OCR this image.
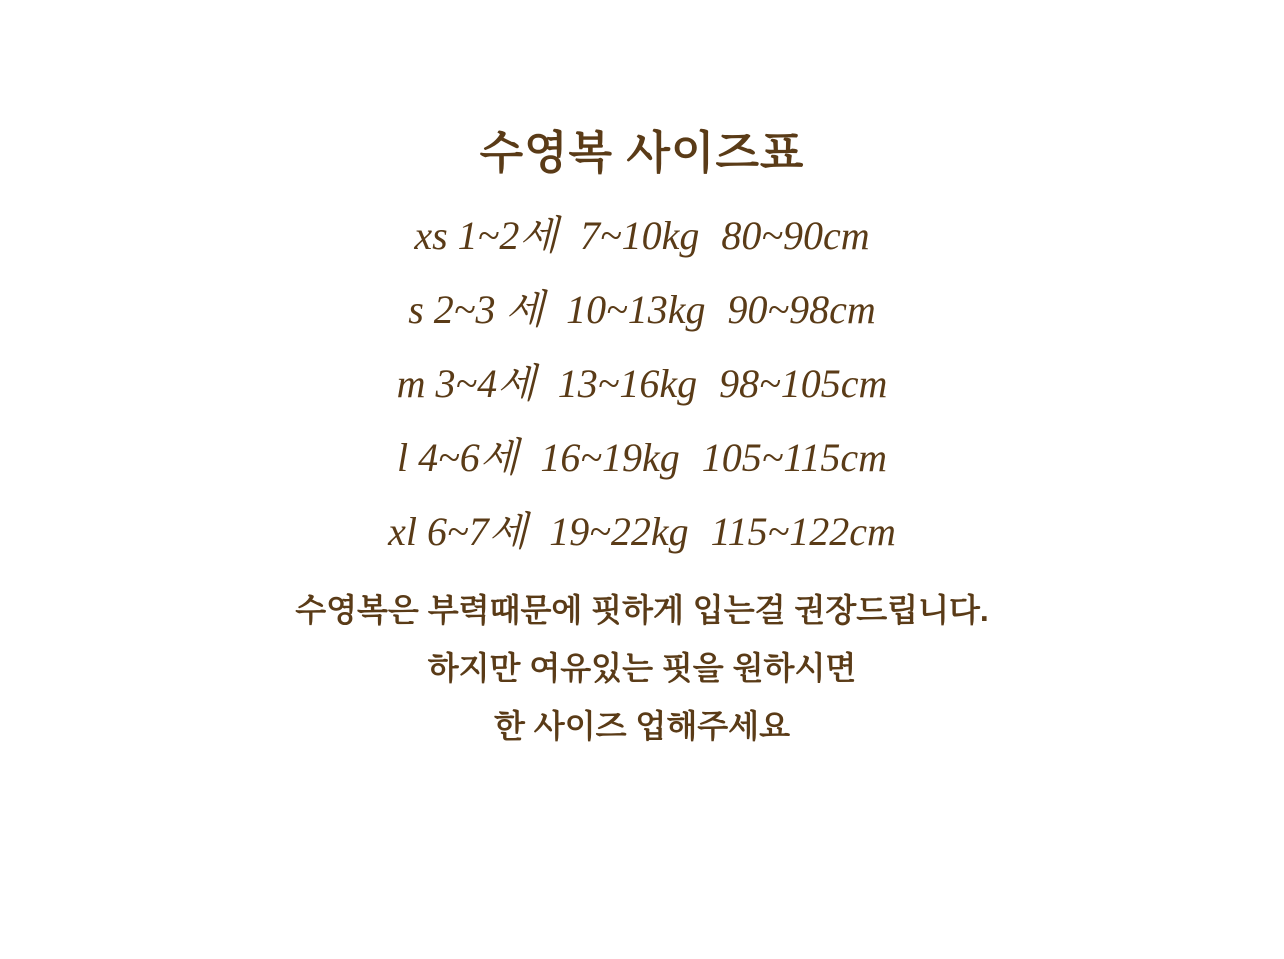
수영복 사이즈표
xs 1~2세 7~10kg 80~90cm
s 2~3 세 10~13kg 90~98cm
m 3~4세 13~16kg 98~105cm
l 4~6세 16~19kg 105~115cm
xl 6~7세 19~22kg 115~122cm
수영복은 부력때문에 핏하게 입는걸 권장드립니다.
하지만 여유있는 핏을 원하시면
한 사이즈 업해주세요
